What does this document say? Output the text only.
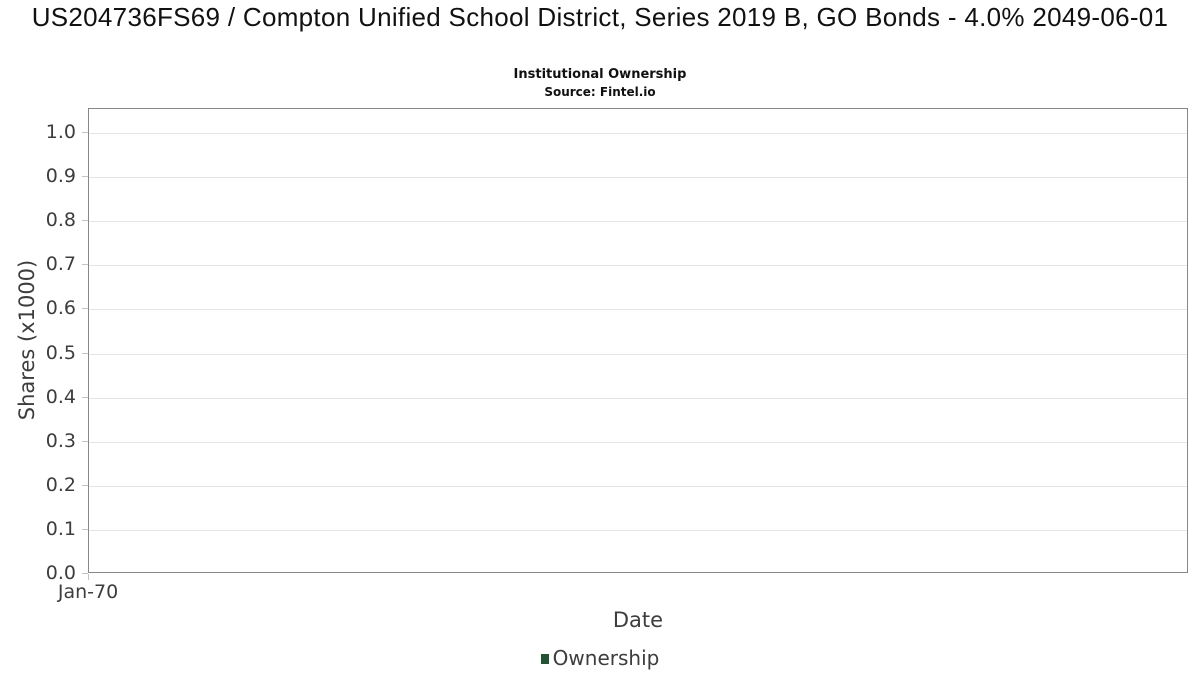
US204736FS69 / Compton Unified School District, Series 2019 B, GO Bonds - 4.0% 2049-06-01
Institutional Ownership
Source: Fintel.io
Shares (x1000)
0.0
0.1
0.2
0.3
0.4
0.5
0.6
0.7
0.8
0.9
1.0
Jan-70
Date
Ownership
